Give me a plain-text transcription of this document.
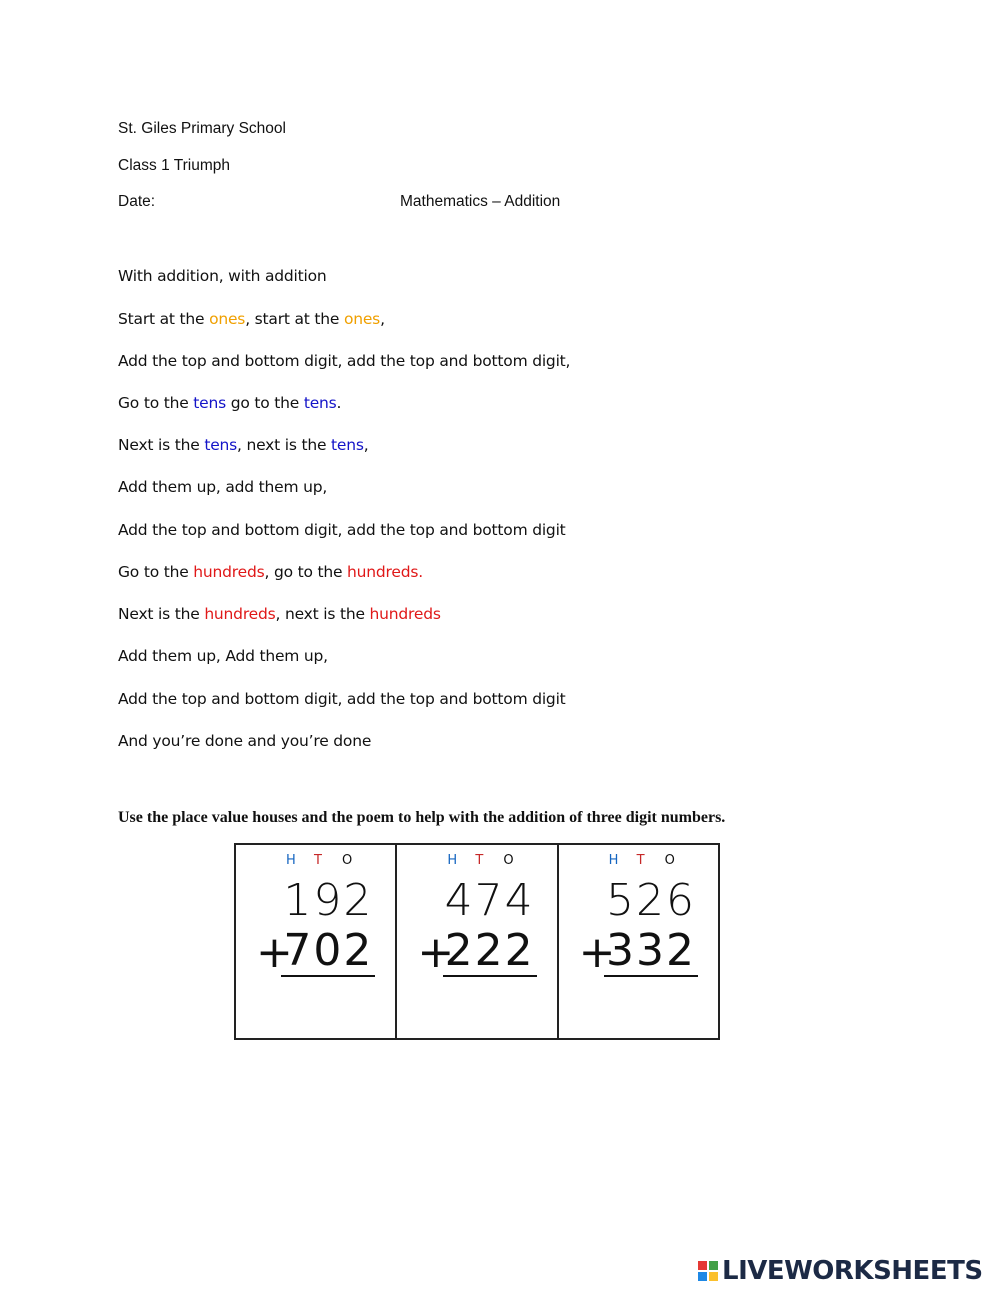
St. Giles Primary School
Class 1 Triumph
Date:	Mathematics – Addition
With addition, with addition
Start at the ones, start at the ones,
Add the top and bottom digit, add the top and bottom digit,
Go to the tens go to the tens.
Next is the tens, next is the tens,
Add them up, add them up,
Add the top and bottom digit, add the top and bottom digit
Go to the hundreds, go to the hundreds.
Next is the hundreds, next is the hundreds
Add them up, Add them up,
Add the top and bottom digit, add the top and bottom digit
And you’re done and you’re done
Use the place value houses and the poem to help with the addition of three digit numbers.
H T O
192
+
702
H T O
474
+
222
H T O
526
+
332
LIVEWORKSHEETS
